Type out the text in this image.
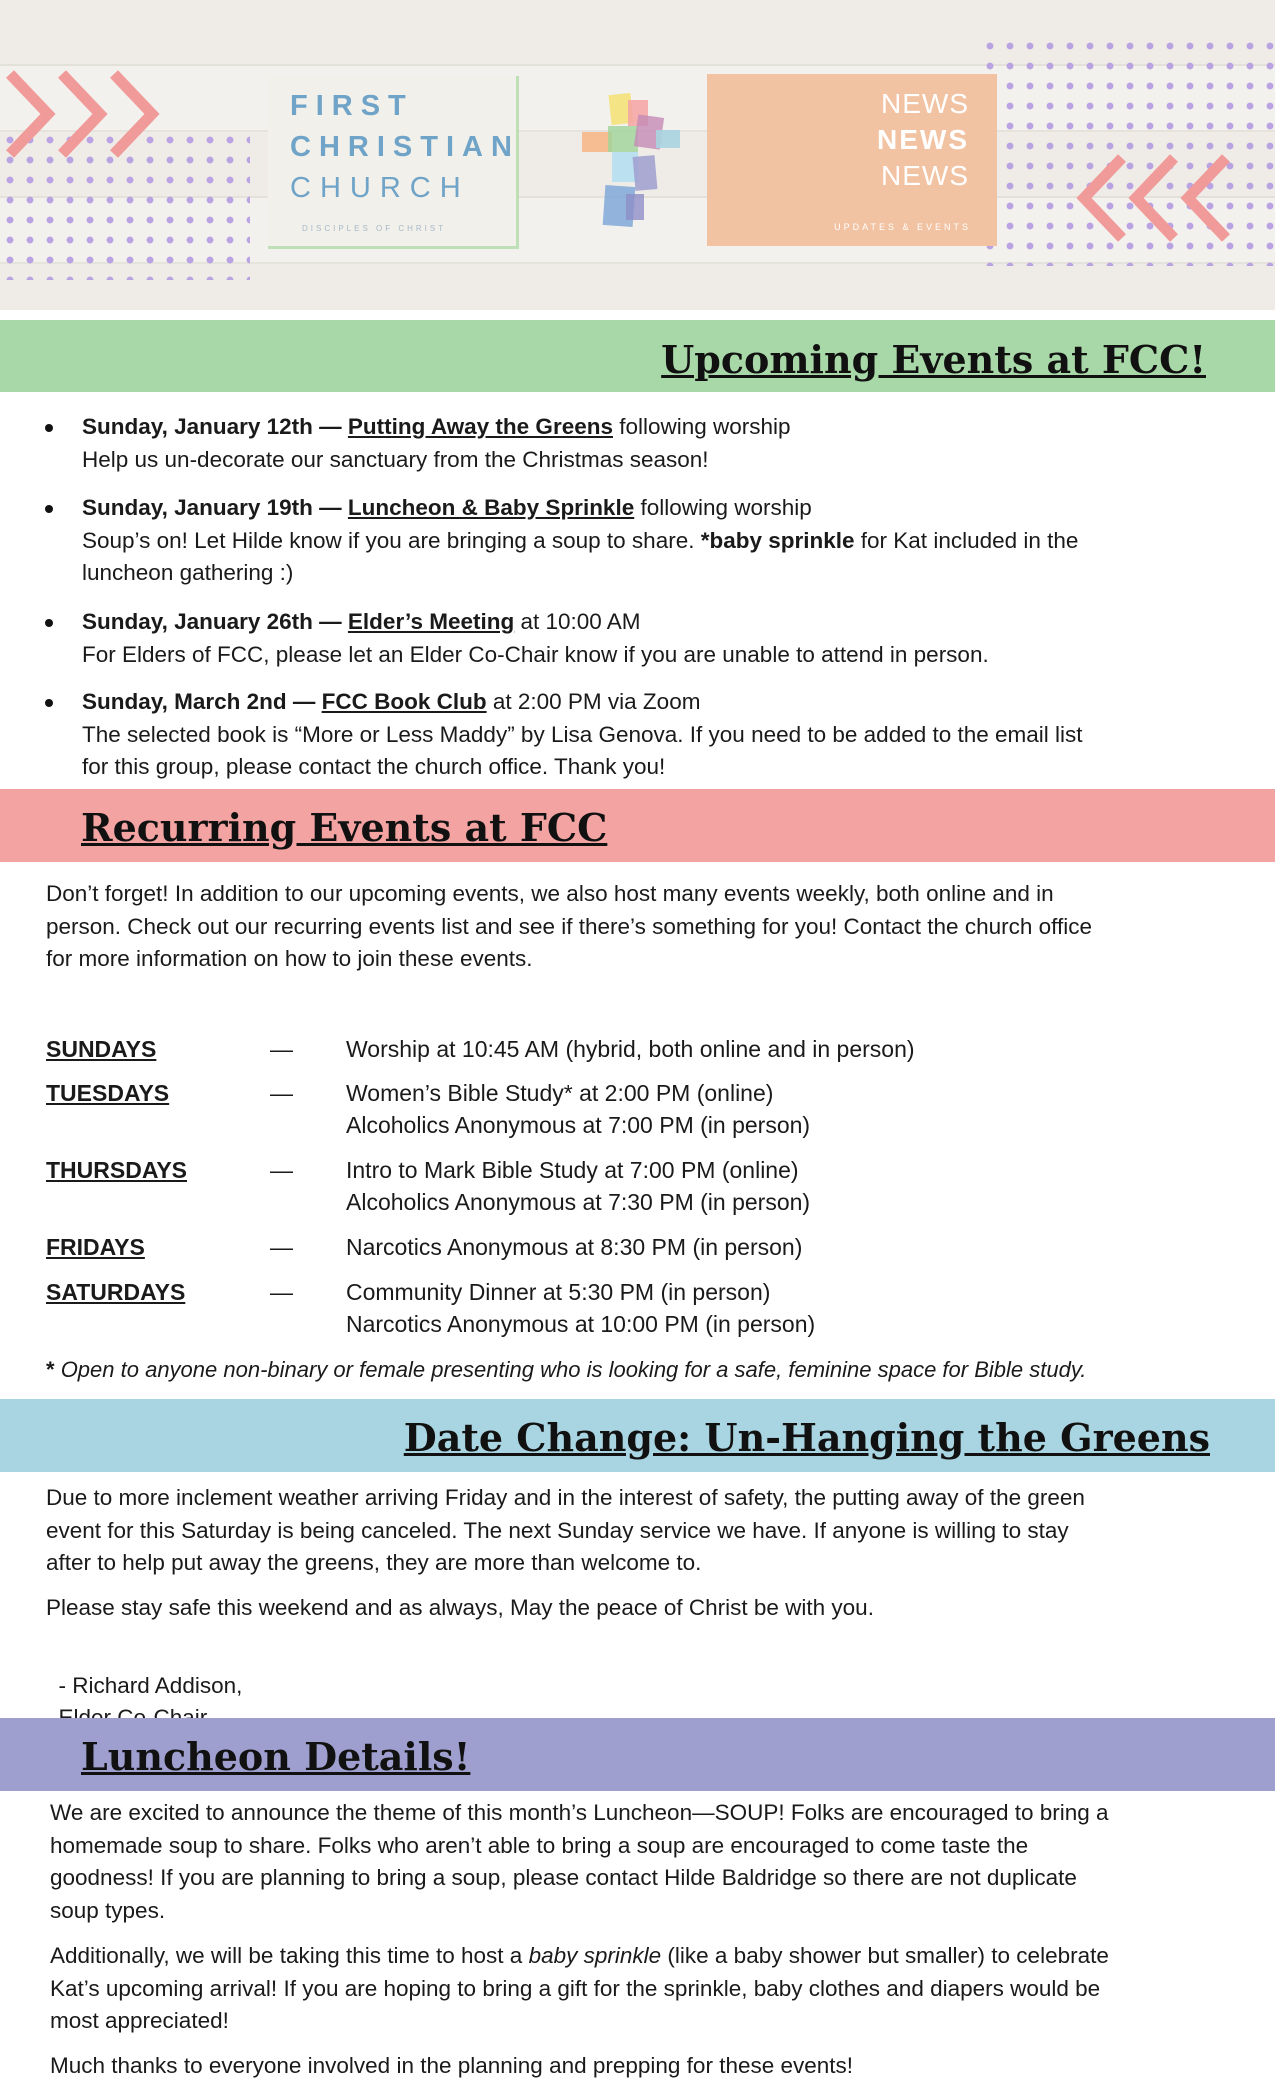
FIRST
CHRISTIAN
CHURCH
DISCIPLES OF CHRIST
NEWS
NEWS
NEWS
UPDATES & EVENTS
Upcoming Events at FCC!
Sunday, January 12th — Putting Away the Greens following worship
Help us un-decorate our sanctuary from the Christmas season!
Sunday, January 19th — Luncheon & Baby Sprinkle following worship
Soup’s on! Let Hilde know if you are bringing a soup to share. *baby sprinkle for Kat included in the
luncheon gathering :)
Sunday, January 26th — Elder’s Meeting at 10:00 AM
For Elders of FCC, please let an Elder Co-Chair know if you are unable to attend in person.
Sunday, March 2nd — FCC Book Club at 2:00 PM via Zoom
The selected book is “More or Less Maddy” by Lisa Genova. If you need to be added to the email list
for this group, please contact the church office. Thank you!
Recurring Events at FCC
Don’t forget! In addition to our upcoming events, we also host many events weekly, both online and in
person. Check out our recurring events list and see if there’s something for you! Contact the church office
for more information on how to join these events.
SUNDAYS	— Worship at 10:45 AM (hybrid, both online and in person)
TUESDAYS	— Women’s Bible Study* at 2:00 PM (online)
Alcoholics Anonymous at 7:00 PM (in person)
THURSDAYS	— Intro to Mark Bible Study at 7:00 PM (online)
Alcoholics Anonymous at 7:30 PM (in person)
FRIDAYS	— Narcotics Anonymous at 8:30 PM (in person)
SATURDAYS	— Community Dinner at 5:30 PM (in person)
Narcotics Anonymous at 10:00 PM (in person)
* Open to anyone non-binary or female presenting who is looking for a safe, feminine space for Bible study.
Date Change: Un-Hanging the Greens
Due to more inclement weather arriving Friday and in the interest of safety, the putting away of the green
event for this Saturday is being canceled. The next Sunday service we have. If anyone is willing to stay
after to help put away the greens, they are more than welcome to.
Please stay safe this weekend and as always, May the peace of Christ be with you.

- Richard Addison,

Luncheon Details!
We are excited to announce the theme of this month’s Luncheon—SOUP! Folks are encouraged to bring a
homemade soup to share. Folks who aren’t able to bring a soup are encouraged to come taste the
goodness! If you are planning to bring a soup, please contact Hilde Baldridge so there are not duplicate
soup types.
Additionally, we will be taking this time to host a baby sprinkle (like a baby shower but smaller) to celebrate
Kat’s upcoming arrival! If you are hoping to bring a gift for the sprinkle, baby clothes and diapers would be
most appreciated!
Much thanks to everyone involved in the planning and prepping for these events!
